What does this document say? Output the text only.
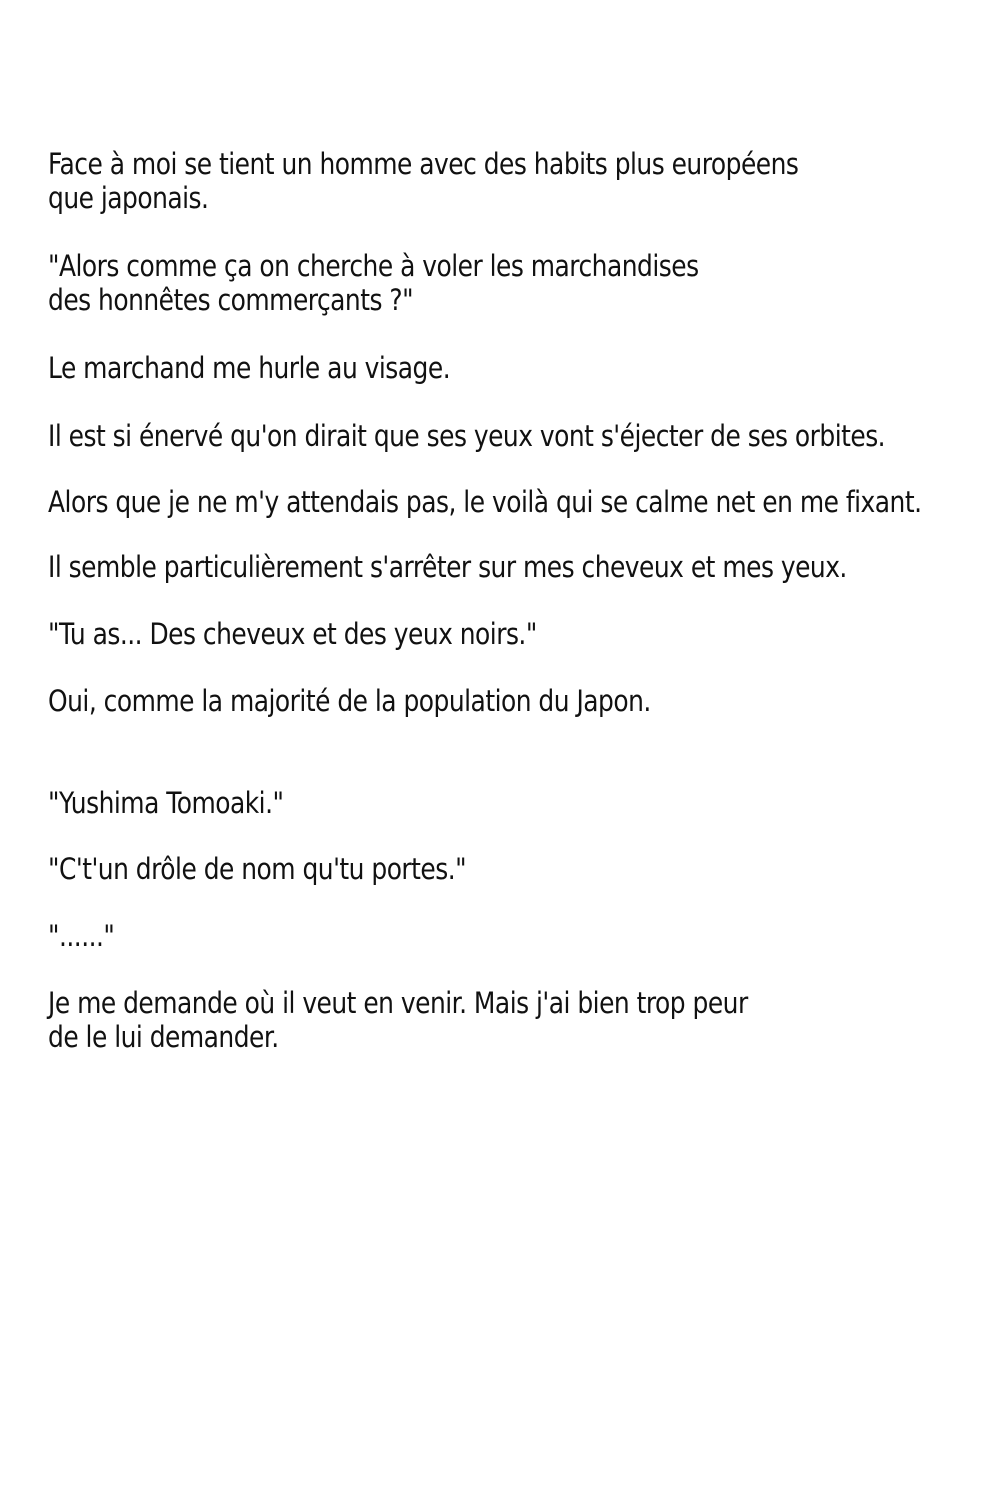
Face à moi se tient un homme avec des habits plus européens
que japonais.
"Alors comme ça on cherche à voler les marchandises
des honnêtes commerçants ?"
Le marchand me hurle au visage.
Il est si énervé qu'on dirait que ses yeux vont s'éjecter de ses orbites.
Alors que je ne m'y attendais pas, le voilà qui se calme net en me fixant.
Il semble particulièrement s'arrêter sur mes cheveux et mes yeux.
"Tu as... Des cheveux et des yeux noirs."
Oui, comme la majorité de la population du Japon.
"Yushima Tomoaki."
"C't'un drôle de nom qu'tu portes."
"......"
Je me demande où il veut en venir. Mais j'ai bien trop peur
de le lui demander.
